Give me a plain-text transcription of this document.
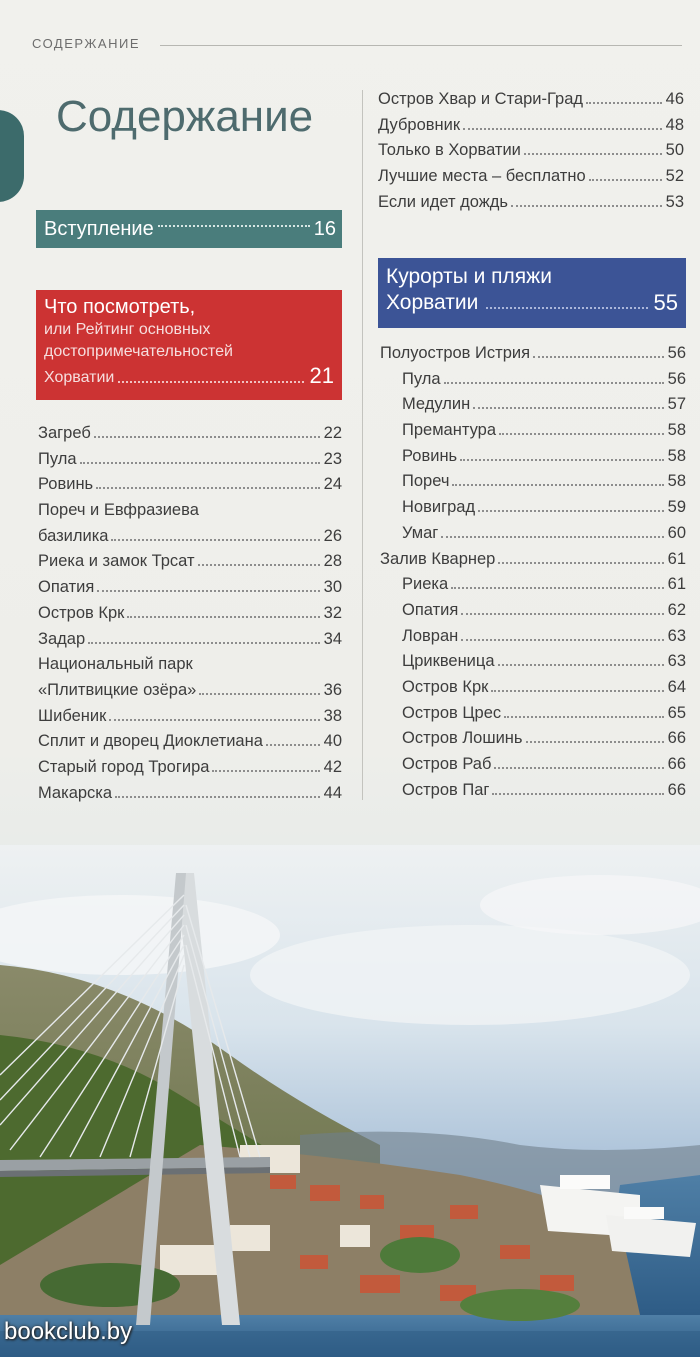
СОДЕРЖАНИЕ
Содержание
Вступление	16
Что посмотреть,
или Рейтинг основных
достопримечательностей
Хорватии	21
Курорты и пляжи
Хорватии	55
Загреб	22
Пула	23
Ровинь	24
Пореч и Евфразиева
базилика	26
Риека и замок Трсат	28
Опатия	30
Остров Крк	32
Задар	34
Национальный парк
«Плитвицкие озёра»	36
Шибеник	38
Сплит и дворец Диоклетиана	40
Старый город Трогира	42
Макарска	44
Остров Хвар и Стари-Град	46
Дубровник	48
Только в Хорватии	50
Лучшие места – бесплатно	52
Если идет дождь	53
Полуостров Истрия	56
Пула	56
Медулин	57
Премантура	58
Ровинь	58
Пореч	58
Новиград	59
Умаг	60
Залив Кварнер	61
Риека	61
Опатия	62
Ловран	63
Цриквеница	63
Остров Крк	64
Остров Црес	65
Остров Лошинь	66
Остров Раб	66
Остров Паг	66
bookclub.by
